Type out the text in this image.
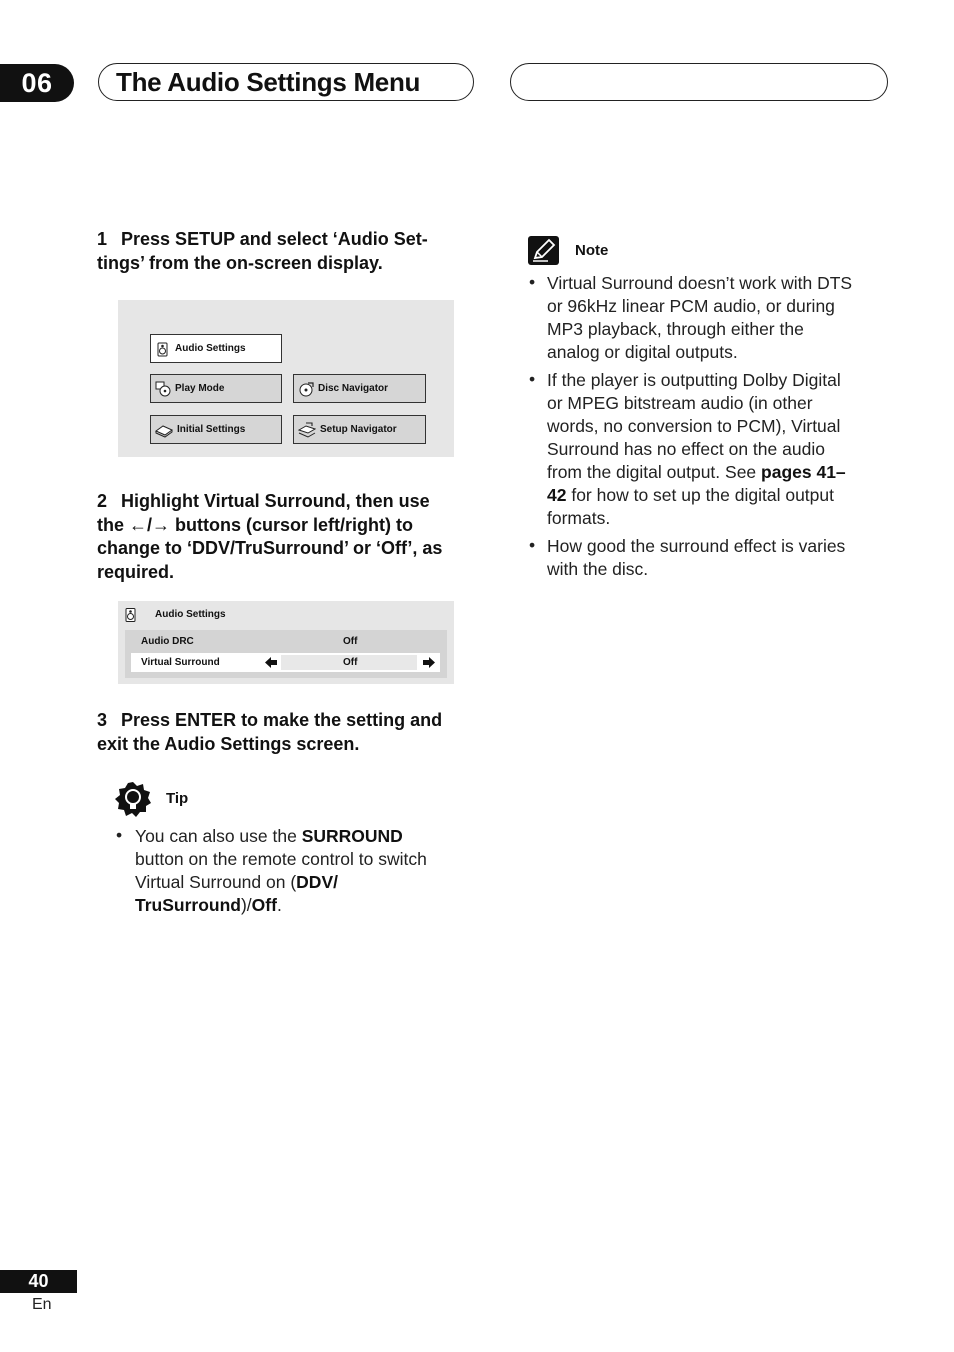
06	The Audio Settings Menu
1 Press SETUP and select ‘Audio Set-
tings’ from the on-screen display.
Audio Settings
Play Mode	Disc Navigator
Initial Settings	Setup Navigator
2 Highlight Virtual Surround, then use
the ←/→ buttons (cursor left/right) to
change to ‘DDV/TruSurround’ or ‘Off’, as
required.
Audio Settings
Audio DRC	Off
Virtual Surround	Off
3 Press ENTER to make the setting and
exit the Audio Settings screen.
Tip
• You can also use the SURROUND
button on the remote control to switch
Virtual Surround on (DDV/
TruSurround)/Off.
Note
• Virtual Surround doesn’t work with DTS
or 96kHz linear PCM audio, or during
MP3 playback, through either the
analog or digital outputs.
• If the player is outputting Dolby Digital
or MPEG bitstream audio (in other
words, no conversion to PCM), Virtual
Surround has no effect on the audio
from the digital output. See pages 41–
42 for how to set up the digital output
formats.
• How good the surround effect is varies
with the disc.
40
En
